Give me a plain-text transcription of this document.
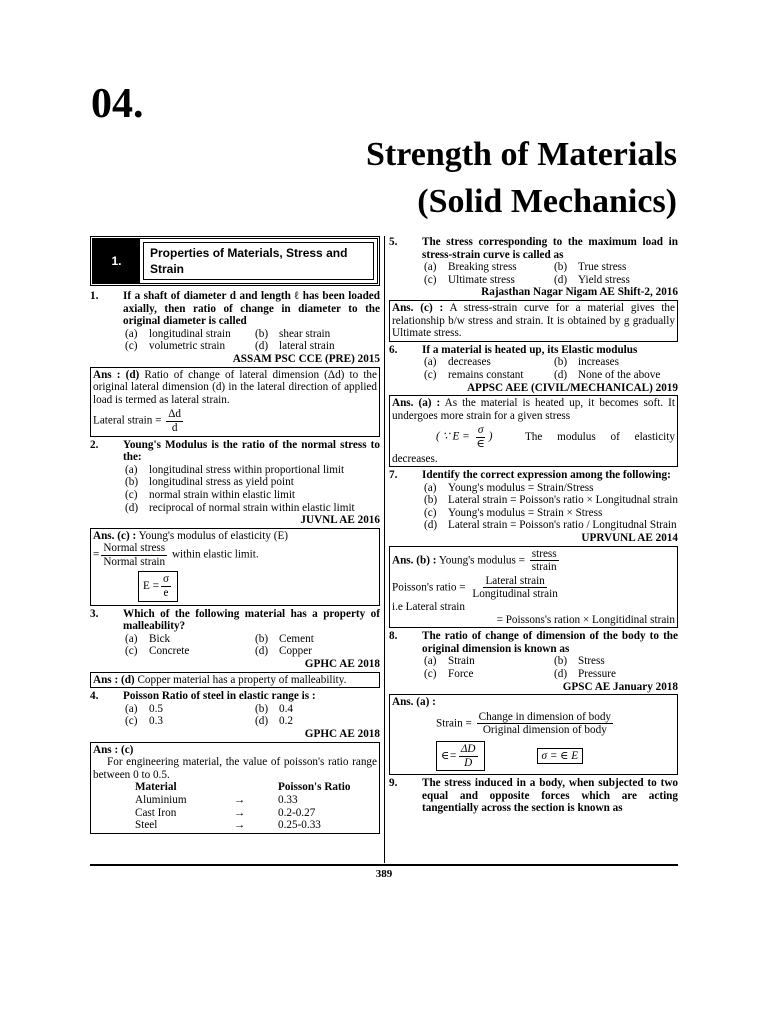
04.
Strength of Materials
(Solid Mechanics)
1.
Properties of Materials, Stress and Strain
1.	If a shaft of diameter d and length ℓ has been loaded axially, then ratio of change in diameter to the original diameter is called
(a)	longitudinal strain (b) shear strain
(c)	volumetric strain	(d) lateral strain
ASSAM PSC CCE (PRE) 2015
Ans : (d) Ratio of change of lateral dimension (Δd) to the original lateral dimension (d) in the lateral direction of applied load is termed as lateral strain.
Lateral strain = $\frac{\Delta d}{d}$
2.	Young's Modulus is the ratio of the normal stress to the:
(a)	longitudinal stress within proportional limit
(b) longitudinal stress as yield point
(c)	normal strain within elastic limit
(d) reciprocal of normal strain within elastic limit
JUVNL AE 2016
Ans. (c) : Young's modulus of elasticity (E)
= $\frac{\text{Normal stress}}{\text{Normal strain}}$ within elastic limit.
$E = \frac{\sigma}{e}$
3.	Which of the following material has a property of malleability?
(a)	Bick	(b) Cement
(c)	Concrete	(d) Copper
GPHC AE 2018
Ans : (d) Copper material has a property of malleability.
4.	Poisson Ratio of steel in elastic range is :
(a)	0.5	(b) 0.4
(c)	0.3	(d) 0.2
GPHC AE 2018
Ans : (c)
For engineering material, the value of poisson's ratio range between 0 to 0.5.
Material		Poisson's Ratio
Aluminium	→	0.33
Cast Iron	→	0.2-0.27
Steel	→	0.25-0.33
5.	The stress corresponding to the maximum load in stress-strain curve is called as
(a)	Breaking stress	(b) True stress
(c)	Ultimate stress	(d) Yield stress
Rajasthan Nagar Nigam AE Shift-2, 2016
Ans. (c) : A stress-strain curve for a material gives the relationship b/w stress and strain. It is obtained by g gradually Ultimate stress.
6.	If a material is heated up, its Elastic modulus
(a)	decreases	(b) increases
(c)	remains constant	(d) None of the above
APPSC AEE (CIVIL/MECHANICAL) 2019
Ans. (a) : As the material is heated up, it becomes soft. It undergoes more strain for a given stress
( ∵ $E = \frac{\sigma}{\in}$ )	The modulus of elasticity
decreases.
7.	Identify the correct expression among the following:
(a)	Young's modulus = Strain/Stress
(b) Lateral strain = Poisson's ratio × Longitudnal strain
(c)	Young's modulus = Strain × Stress
(d) Lateral strain = Poisson's ratio / Longitudnal Strain
UPRVUNL AE 2014
Ans. (b) : Young's modulus = $\frac{\text{stress}}{\text{strain}}$
Poisson's ratio = $\frac{\text{Lateral strain}}{\text{Longitudinal strain}}$
i.e Lateral strain
= Poissons's ration × Longitidinal strain
8.	The ratio of change of dimension of the body to the original dimension is known as
(a)	Strain	(b) Stress
(c)	Force	(d) Pressure
GPSC AE January 2018
Ans. (a) :
Strain = $\frac{\text{Change in dimension of body}}{\text{Original dimension of body}}$
∈= $\frac{\Delta D}{D}$	σ = ∈ E
9.	The stress induced in a body, when subjected to two equal and opposite forces which are acting tangentially across the section is known as
389
